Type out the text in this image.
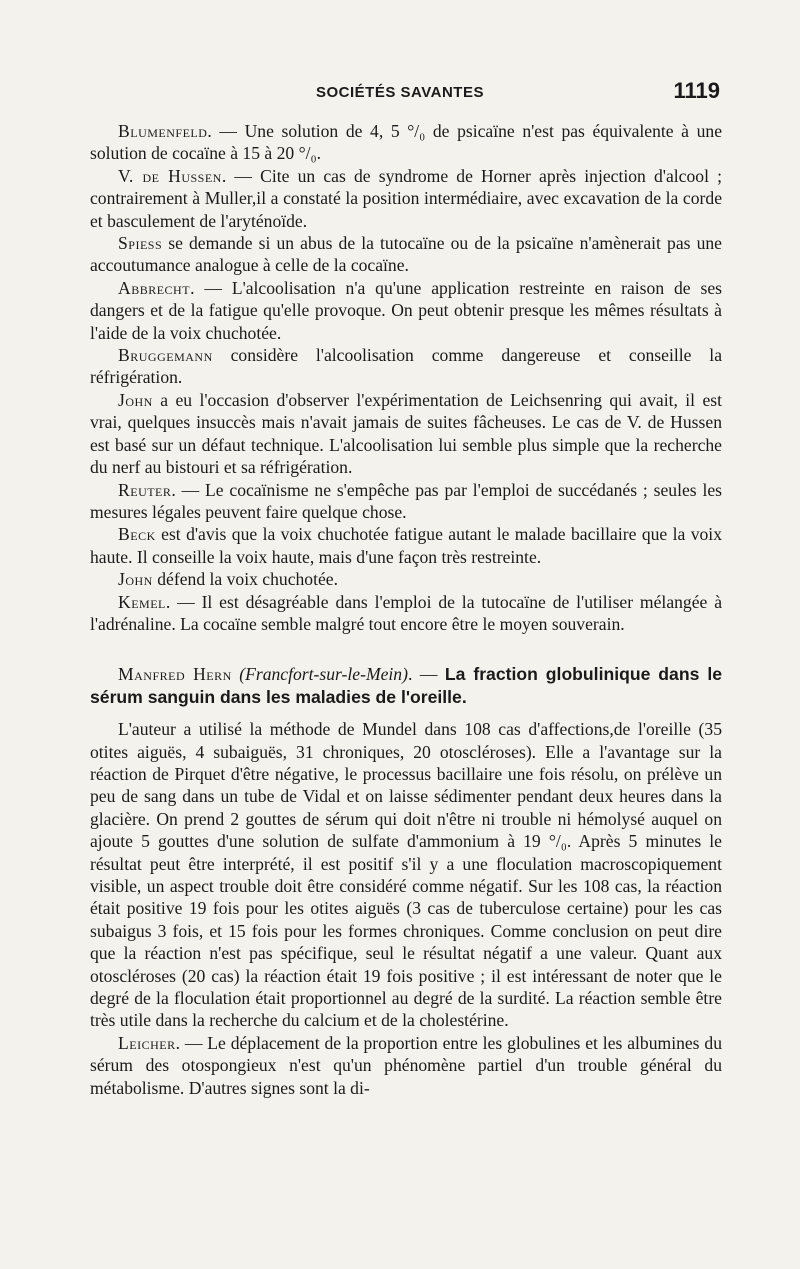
SOCIÉTÉS SAVANTES	1119

Blumenfeld. — Une solution de 4, 5 °/₀ de psicaïne n'est pas équivalente à une solution de cocaïne à 15 à 20 °/₀.

V. de Hussen. — Cite un cas de syndrome de Horner après injection d'alcool ; contrairement à Muller,il a constaté la position intermédiaire, avec excavation de la corde et basculement de l'aryténoïde.

Spiess se demande si un abus de la tutocaïne ou de la psicaïne n'amènerait pas une accoutumance analogue à celle de la cocaïne.

Abbrecht. — L'alcoolisation n'a qu'une application restreinte en raison de ses dangers et de la fatigue qu'elle provoque. On peut obtenir presque les mêmes résultats à l'aide de la voix chuchotée.

Bruggemann considère l'alcoolisation comme dangereuse et conseille la réfrigération.

John a eu l'occasion d'observer l'expérimentation de Leichsenring qui avait, il est vrai, quelques insuccès mais n'avait jamais de suites fâcheuses. Le cas de V. de Hussen est basé sur un défaut technique. L'alcoolisation lui semble plus simple que la recherche du nerf au bistouri et sa réfrigération.

Reuter. — Le cocaïnisme ne s'empêche pas par l'emploi de succédanés ; seules les mesures légales peuvent faire quelque chose.

Beck est d'avis que la voix chuchotée fatigue autant le malade bacillaire que la voix haute. Il conseille la voix haute, mais d'une façon très restreinte.

John défend la voix chuchotée.

Kemel. — Il est désagréable dans l'emploi de la tutocaïne de l'utiliser mélangée à l'adrénaline. La cocaïne semble malgré tout encore être le moyen souverain.

Manfred Hern (Francfort-sur-le-Mein). — La fraction globulinique dans le sérum sanguin dans les maladies de l'oreille.

L'auteur a utilisé la méthode de Mundel dans 108 cas d'affections,de l'oreille (35 otites aiguës, 4 subaiguës, 31 chroniques, 20 otoscléroses). Elle a l'avantage sur la réaction de Pirquet d'être négative, le processus bacillaire une fois résolu, on prélève un peu de sang dans un tube de Vidal et on laisse sédimenter pendant deux heures dans la glacière. On prend 2 gouttes de sérum qui doit n'être ni trouble ni hémolysé auquel on ajoute 5 gouttes d'une solution de sulfate d'ammonium à 19 °/₀. Après 5 minutes le résultat peut être interprété, il est positif s'il y a une floculation macroscopiquement visible, un aspect trouble doit être considéré comme négatif. Sur les 108 cas, la réaction était positive 19 fois pour les otites aiguës (3 cas de tuberculose certaine) pour les cas subaigus 3 fois, et 15 fois pour les formes chroniques. Comme conclusion on peut dire que la réaction n'est pas spécifique, seul le résultat négatif a une valeur. Quant aux otoscléroses (20 cas) la réaction était 19 fois positive ; il est intéressant de noter que le degré de la floculation était proportionnel au degré de la surdité. La réaction semble être très utile dans la recherche du calcium et de la cholestérine.

Leicher. — Le déplacement de la proportion entre les globulines et les albumines du sérum des otospongieux n'est qu'un phénomène partiel d'un trouble général du métabolisme. D'autres signes sont la di-
